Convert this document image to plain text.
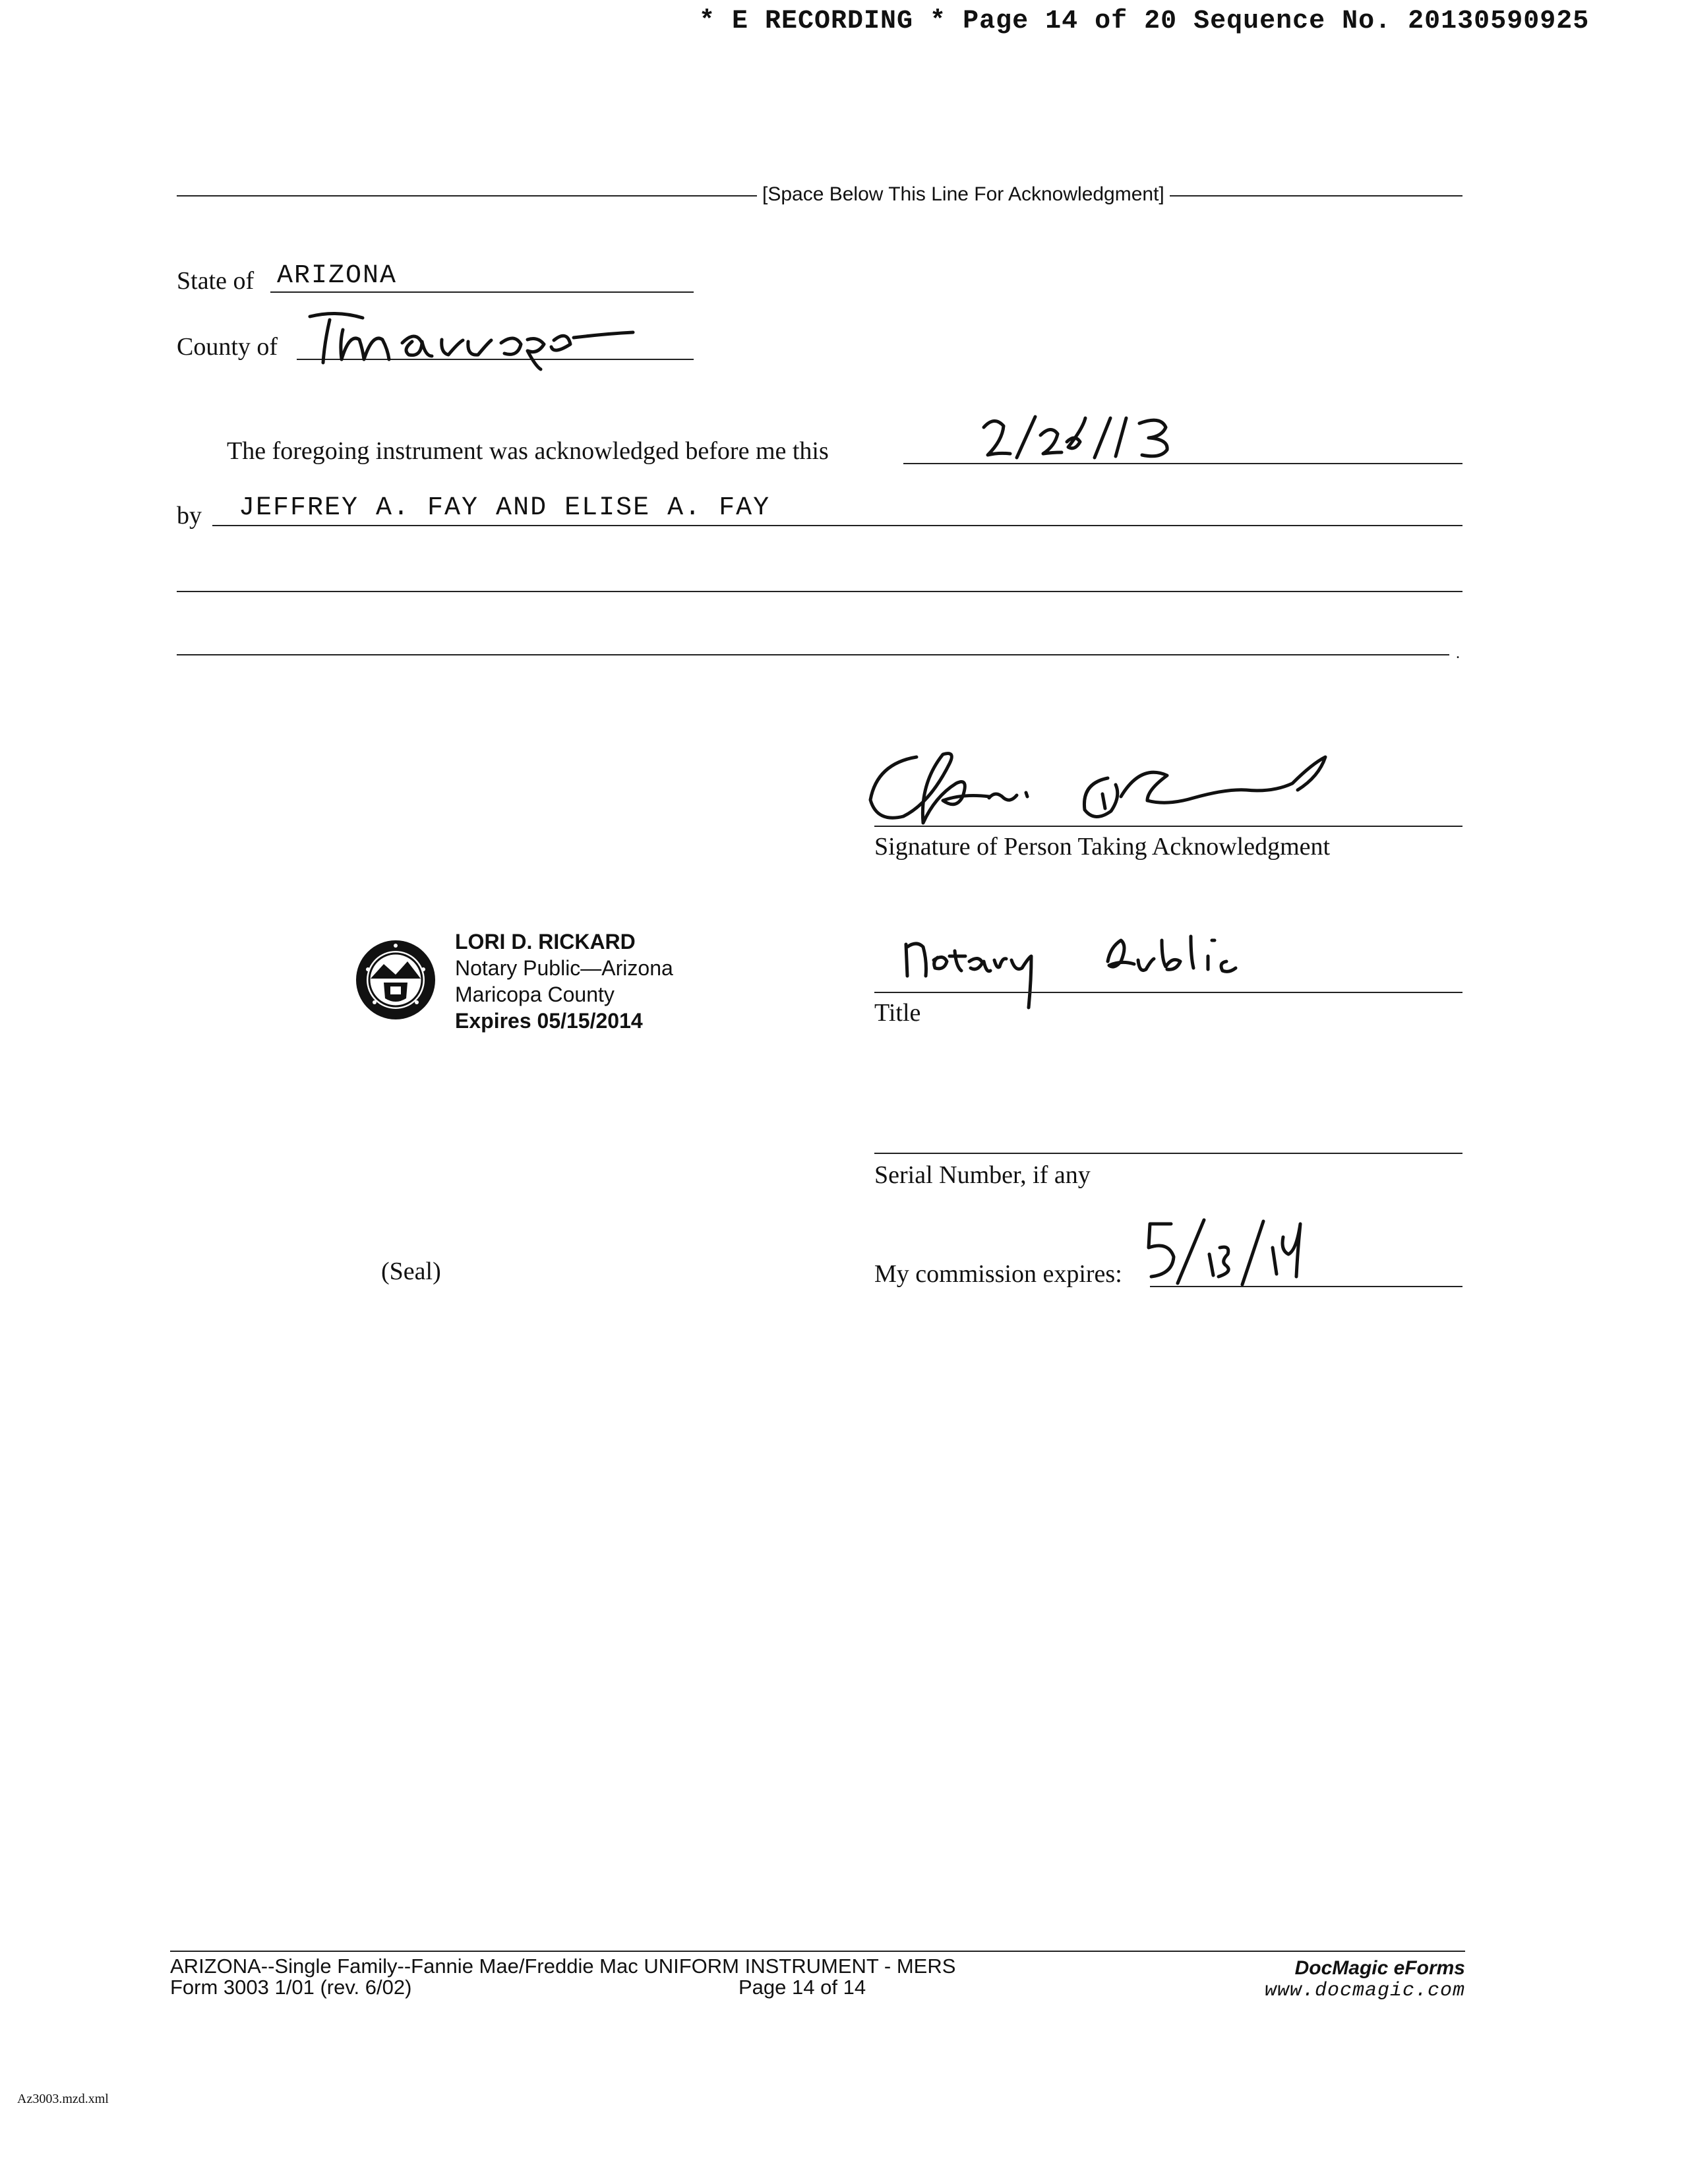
* E RECORDING * Page 14 of 20 Sequence No. 20130590925
[Space Below This Line For Acknowledgment]
State of ARIZONA
County of
The foregoing instrument was acknowledged before me this
by JEFFREY A. FAY AND ELISE A. FAY
.
Signature of Person Taking Acknowledgment
LORI D. RICKARD
Notary Public—Arizona
Maricopa County
Expires 05/15/2014	Title
Serial Number, if any
(Seal)	My commission expires:
ARIZONA--Single Family--Fannie Mae/Freddie Mac UNIFORM INSTRUMENT - MERS
Form 3003 1/01 (rev. 6/02)	Page 14 of 14
DocMagic eForms
www.docmagic.com
Az3003.mzd.xml
